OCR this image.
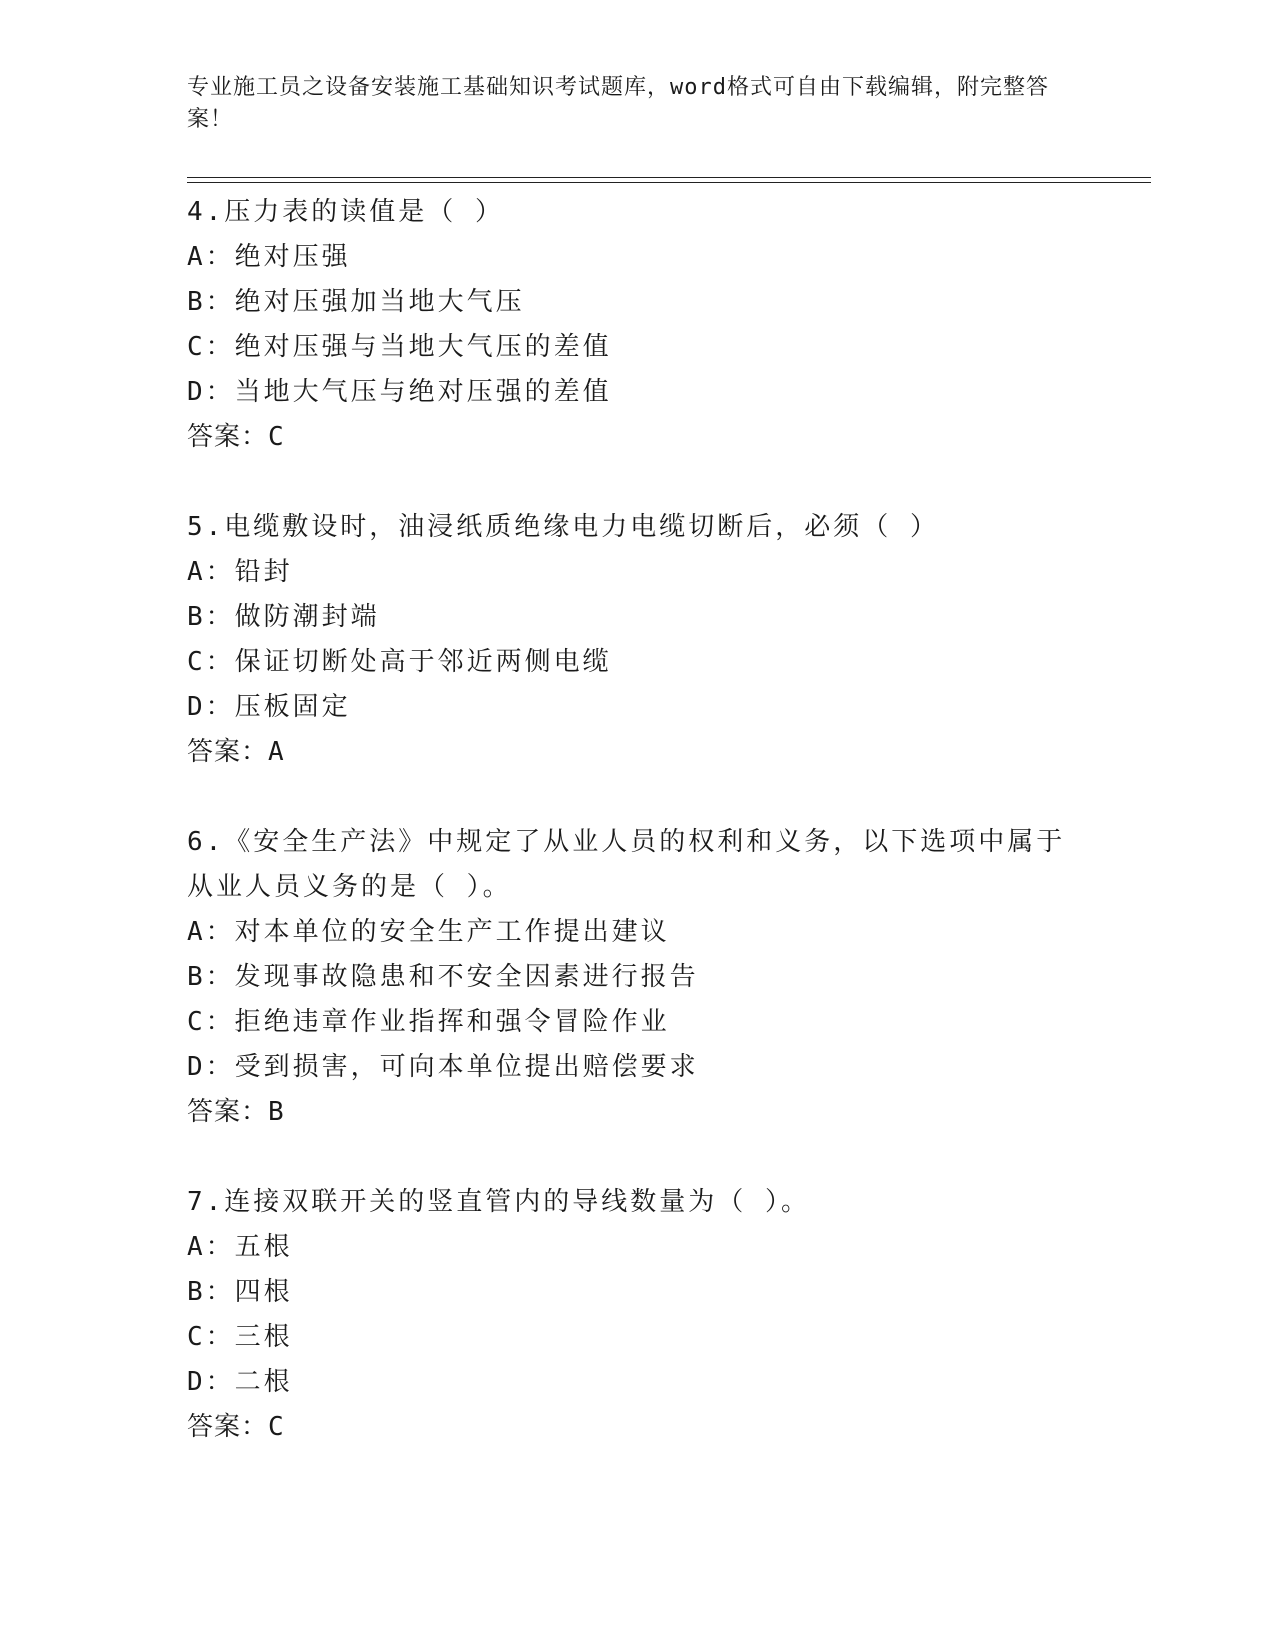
专业施工员之设备安装施工基础知识考试题库，word格式可自由下载编辑，附完整答案！
4.压力表的读值是（ ）
A：绝对压强
B：绝对压强加当地大气压
C：绝对压强与当地大气压的差值
D：当地大气压与绝对压强的差值
答案：C
5.电缆敷设时，油浸纸质绝缘电力电缆切断后，必须（ ）
A：铅封
B：做防潮封端
C：保证切断处高于邻近两侧电缆
D：压板固定
答案：A
6.《安全生产法》中规定了从业人员的权利和义务，以下选项中属于从业人员义务的是（ ）。
A：对本单位的安全生产工作提出建议
B：发现事故隐患和不安全因素进行报告
C：拒绝违章作业指挥和强令冒险作业
D：受到损害，可向本单位提出赔偿要求
答案：B
7.连接双联开关的竖直管内的导线数量为（ ）。
A：五根
B：四根
C：三根
D：二根
答案：C
